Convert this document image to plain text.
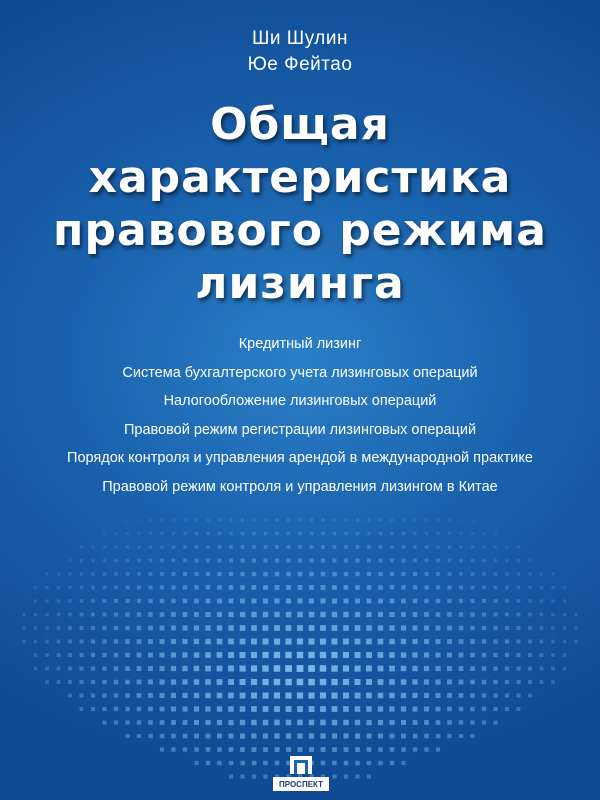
Ши Шулин
Юе Фейтао
Общая
характеристика
правового режима
лизинга
Кредитный лизинг
Система бухгалтерского учета лизинговых операций
Налогообложение лизинговых операций
Правовой режим регистрации лизинговых операций
Порядок контроля и управления арендой в международной практике
Правовой режим контроля и управления лизингом в Китае
ПРОСПЕКТ
